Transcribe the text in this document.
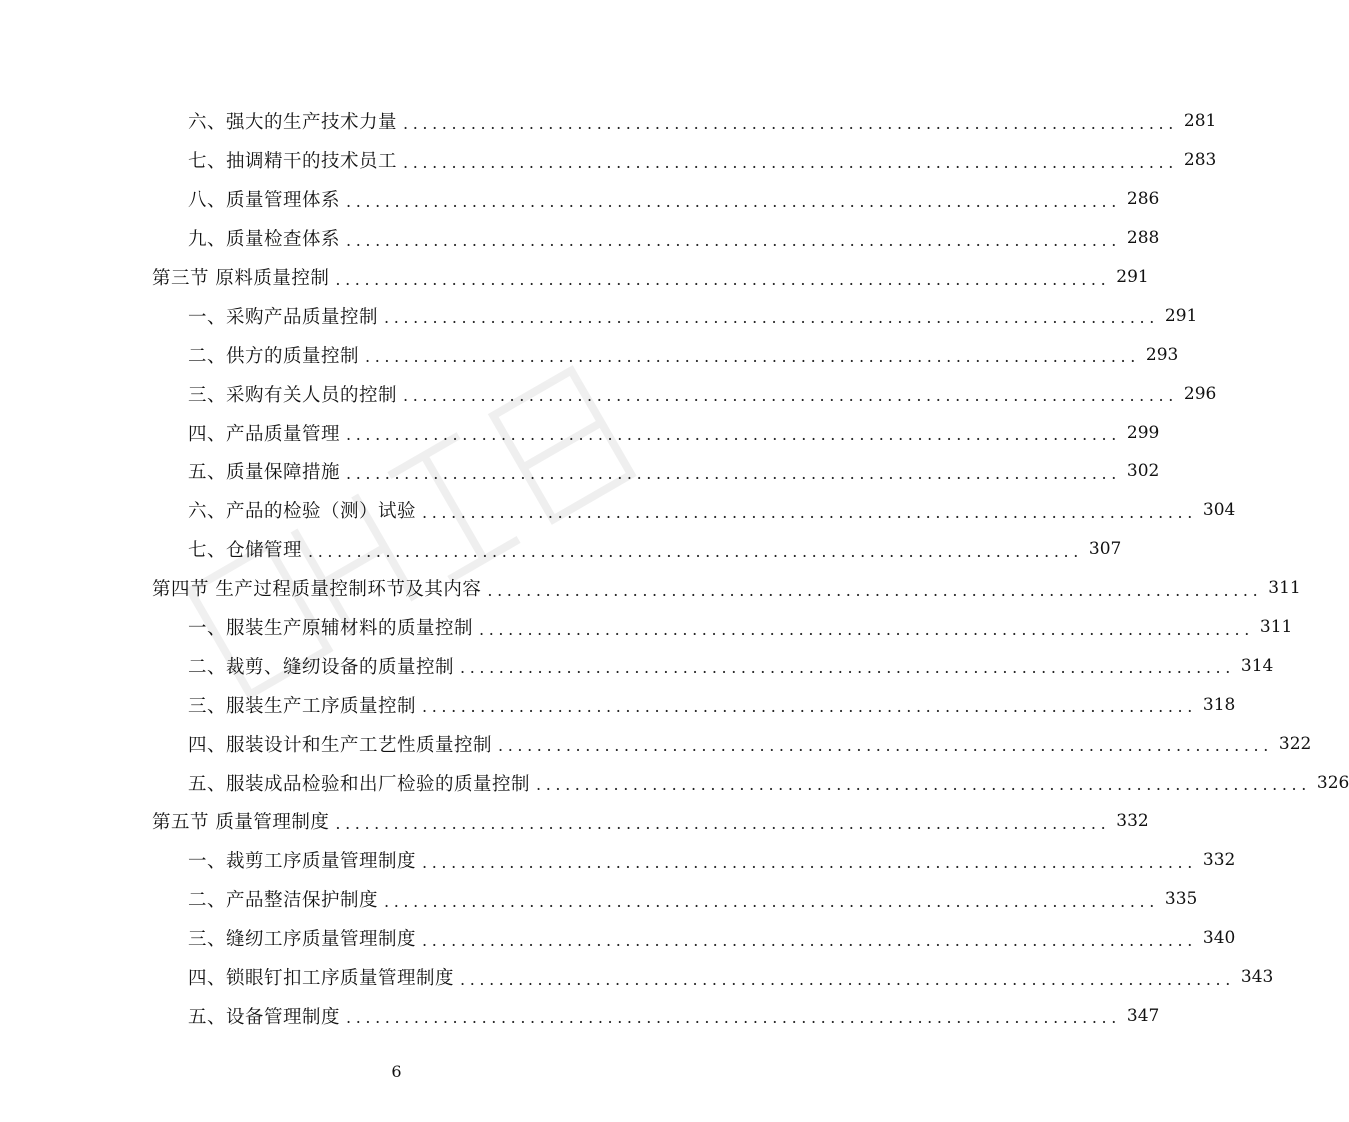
六、强大的生产技术力量 ................................................................................ 281
七、抽调精干的技术员工 ................................................................................ 283
八、质量管理体系 ................................................................................ 286
九、质量检查体系 ................................................................................ 288
第三节 原料质量控制 ................................................................................ 291
一、采购产品质量控制 ................................................................................ 291
二、供方的质量控制 ................................................................................ 293
三、采购有关人员的控制 ................................................................................ 296
四、产品质量管理 ................................................................................ 299
五、质量保障措施 ................................................................................ 302
六、产品的检验（测）试验 ................................................................................ 304
七、仓储管理 ................................................................................ 307
第四节 生产过程质量控制环节及其内容 ................................................................................ 311
一、服装生产原辅材料的质量控制 ................................................................................ 311
二、裁剪、缝纫设备的质量控制 ................................................................................ 314
三、服装生产工序质量控制 ................................................................................ 318
四、服装设计和生产工艺性质量控制 ................................................................................ 322
五、服装成品检验和出厂检验的质量控制 ................................................................................ 326
第五节 质量管理制度 ................................................................................ 332
一、裁剪工序质量管理制度 ................................................................................ 332
二、产品整洁保护制度 ................................................................................ 335
三、缝纫工序质量管理制度 ................................................................................ 340
四、锁眼钉扣工序质量管理制度 ................................................................................ 343
五、设备管理制度 ................................................................................ 347
6
